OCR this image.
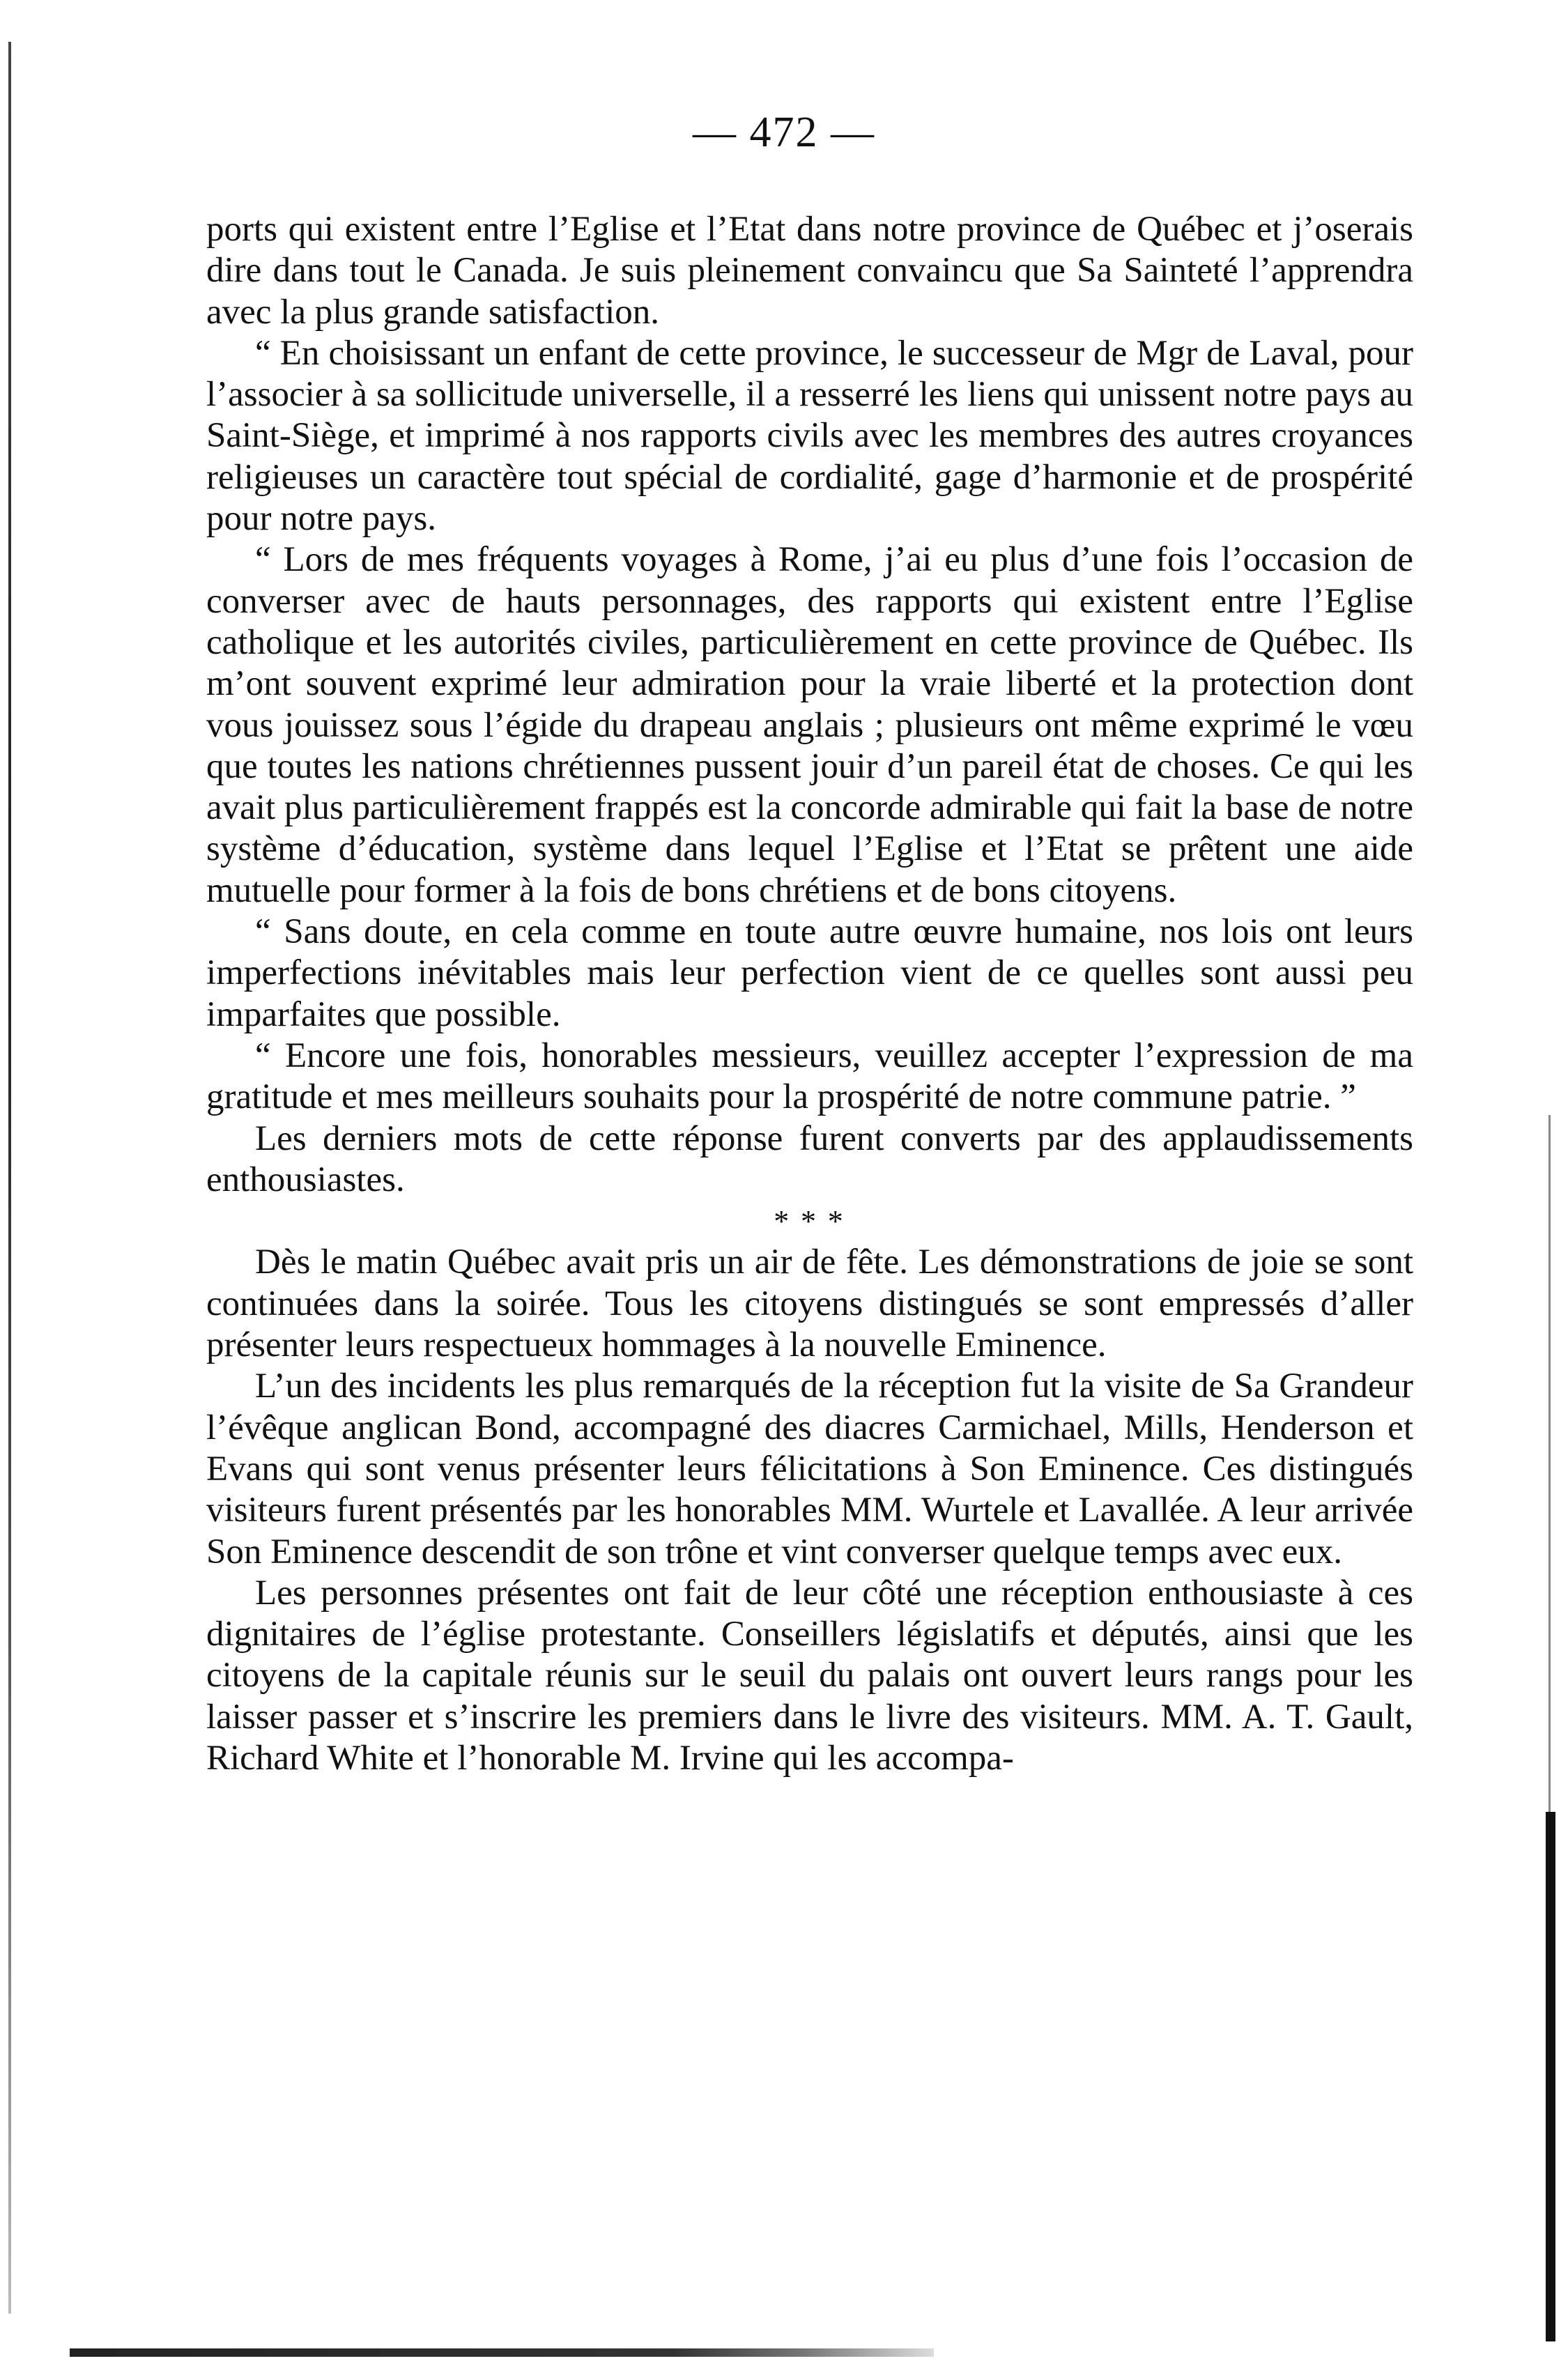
— 472 —

ports qui existent entre l’Eglise et l’Etat dans notre province de Québec et j’oserais dire dans tout le Canada. Je suis pleinement convaincu que Sa Sainteté l’apprendra avec la plus grande satisfaction.

“ En choisissant un enfant de cette province, le successeur de Mgr de Laval, pour l’associer à sa sollicitude universelle, il a resserré les liens qui unissent notre pays au Saint-Siège, et imprimé à nos rapports civils avec les membres des autres croyances religieuses un caractère tout spécial de cordialité, gage d’harmonie et de prospérité pour notre pays.

“ Lors de mes fréquents voyages à Rome, j’ai eu plus d’une fois l’occasion de converser avec de hauts personnages, des rapports qui existent entre l’Eglise catholique et les autorités civiles, particulièrement en cette province de Québec. Ils m’ont souvent exprimé leur admiration pour la vraie liberté et la protection dont vous jouissez sous l’égide du drapeau anglais ; plusieurs ont même exprimé le vœu que toutes les nations chrétiennes pussent jouir d’un pareil état de choses. Ce qui les avait plus particulièrement frappés est la concorde admirable qui fait la base de notre système d’éducation, système dans lequel l’Eglise et l’Etat se prêtent une aide mutuelle pour former à la fois de bons chrétiens et de bons citoyens.

“ Sans doute, en cela comme en toute autre œuvre humaine, nos lois ont leurs imperfections inévitables mais leur perfection vient de ce quelles sont aussi peu imparfaites que possible.

“ Encore une fois, honorables messieurs, veuillez accepter l’expression de ma gratitude et mes meilleurs souhaits pour la prospérité de notre commune patrie. ”

Les derniers mots de cette réponse furent converts par des applaudissements enthousiastes.

* * *

Dès le matin Québec avait pris un air de fête. Les démonstrations de joie se sont continuées dans la soirée. Tous les citoyens distingués se sont empressés d’aller présenter leurs respectueux hommages à la nouvelle Eminence.

L’un des incidents les plus remarqués de la réception fut la visite de Sa Grandeur l’évêque anglican Bond, accompagné des diacres Carmichael, Mills, Henderson et Evans qui sont venus présenter leurs félicitations à Son Eminence. Ces distingués visiteurs furent présentés par les honorables MM. Wurtele et Lavallée. A leur arrivée Son Eminence descendit de son trône et vint converser quelque temps avec eux.

Les personnes présentes ont fait de leur côté une réception enthousiaste à ces dignitaires de l’église protestante. Conseillers législatifs et députés, ainsi que les citoyens de la capitale réunis sur le seuil du palais ont ouvert leurs rangs pour les laisser passer et s’inscrire les premiers dans le livre des visiteurs. MM. A. T. Gault, Richard White et l’honorable M. Irvine qui les accompa-
